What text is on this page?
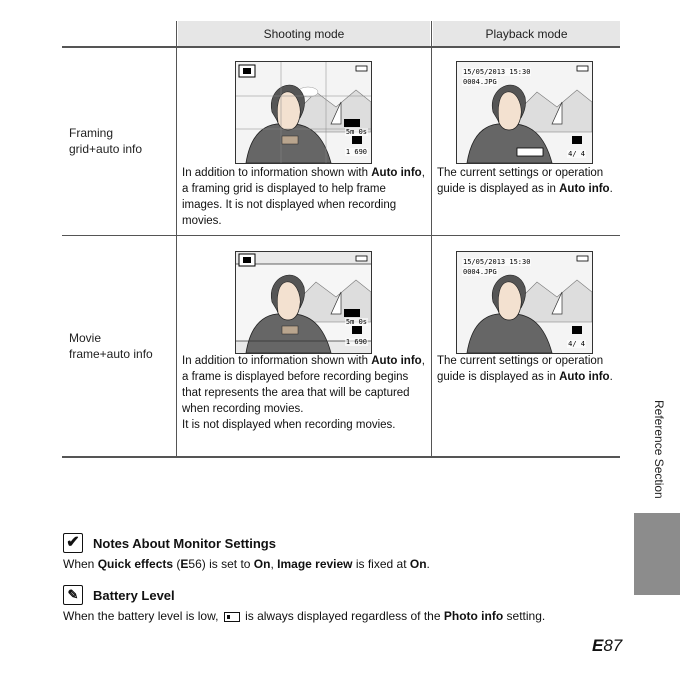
Shooting mode	Playback mode
Framing
grid+auto info
Movie
frame+auto info
5m 0s
1 690
15/05/2013 15:30
0004.JPG
4/ 4
5m 0s
1 690
15/05/2013 15:30
0004.JPG
4/ 4
In addition to information shown with Auto info, a framing grid is displayed to help frame images. It is not displayed when recording movies.
The current settings or operation guide is displayed as in Auto info.
In addition to information shown with Auto info, a frame is displayed before recording begins that represents the area that will be captured when recording movies.
It is not displayed when recording movies.
The current settings or operation guide is displayed as in Auto info.
Reference Section
✔ Notes About Monitor Settings
When Quick effects (E56) is set to On, Image review is fixed at On.
✎	Battery Level
When the battery level is low,
is always displayed regardless of the Photo info setting.
E87
